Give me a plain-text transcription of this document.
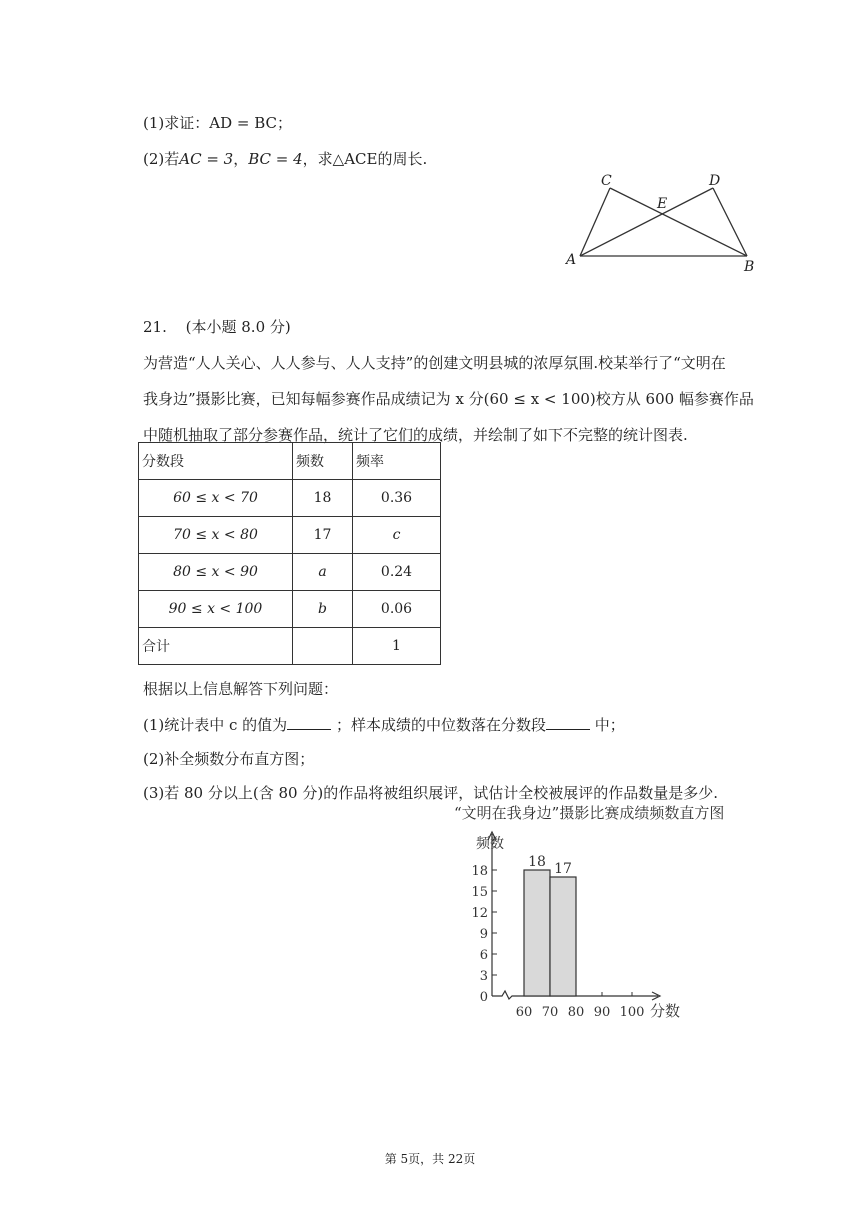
(1)求证：AD = BC；
(2)若AC = 3，BC = 4，求△ACE的周长.
A	B
C	D
E
21. (本小题 8.0 分)
为营造“人人关心、人人参与、人人支持”的创建文明县城的浓厚氛围.校某举行了“文明在
我身边”摄影比赛，已知每幅参赛作品成绩记为 x 分(60 ≤ x < 100)校方从 600 幅参赛作品
中随机抽取了部分参赛作品，统计了它们的成绩，并绘制了如下不完整的统计图表.
分数段	频数	频率
60 ≤ x < 70	18	0.36
70 ≤ x < 80	17	c
80 ≤ x < 90	a	0.24
90 ≤ x < 100	b	0.06
合计		1
根据以上信息解答下列问题：
(1)统计表中 c 的值为	；样本成绩的中位数落在分数段	中；
(2)补全频数分布直方图；
(3)若 80 分以上(含 80 分)的作品将被组织展评，试估计全校被展评的作品数量是多少.
“文明在我身边”摄影比赛成绩频数直方图
频数
分数
0
3
6
9
12
15
18
60 70 80 90 100
18 17
第 5页，共 22页
